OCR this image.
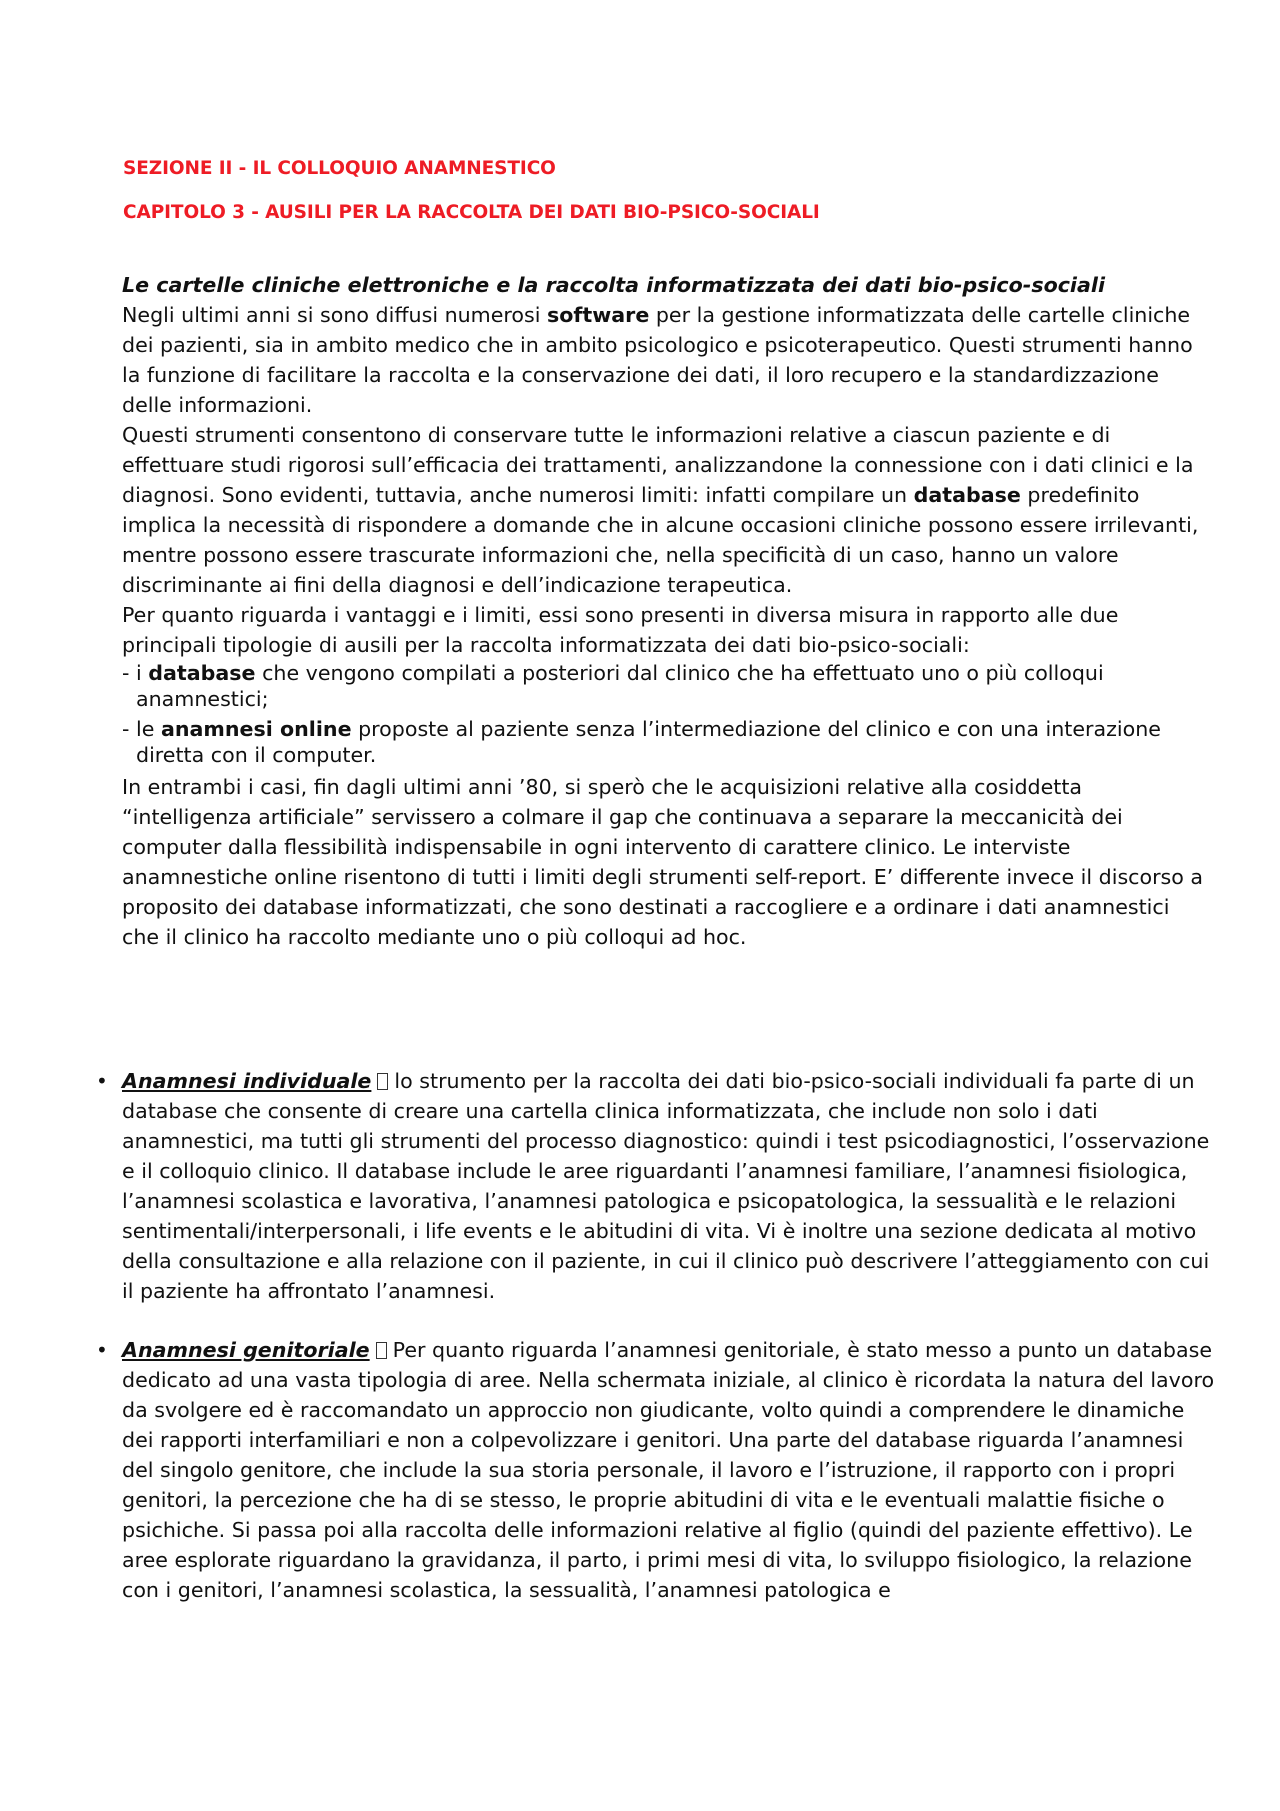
SEZIONE II - IL COLLOQUIO ANAMNESTICO
CAPITOLO 3 - AUSILI PER LA RACCOLTA DEI DATI BIO-PSICO-SOCIALI

Le cartelle cliniche elettroniche e la raccolta informatizzata dei dati bio-psico-sociali

Negli ultimi anni si sono diffusi numerosi software per la gestione informatizzata delle cartelle cliniche dei pazienti, sia in ambito medico che in ambito psicologico e psicoterapeutico. Questi strumenti hanno la funzione di facilitare la raccolta e la conservazione dei dati, il loro recupero e la standardizzazione delle informazioni.

Questi strumenti consentono di conservare tutte le informazioni relative a ciascun paziente e di effettuare studi rigorosi sull’efficacia dei trattamenti, analizzandone la connessione con i dati clinici e la diagnosi. Sono evidenti, tuttavia, anche numerosi limiti: infatti compilare un database predefinito implica la necessità di rispondere a domande che in alcune occasioni cliniche possono essere irrilevanti, mentre possono essere trascurate informazioni che, nella specificità di un caso, hanno un valore discriminante ai fini della diagnosi e dell’indicazione terapeutica.

Per quanto riguarda i vantaggi e i limiti, essi sono presenti in diversa misura in rapporto alle due principali tipologie di ausili per la raccolta informatizzata dei dati bio-psico-sociali:

- i database che vengono compilati a posteriori dal clinico che ha effettuato uno o più colloqui anamnestici;
- le anamnesi online proposte al paziente senza l’intermediazione del clinico e con una interazione diretta con il computer.

In entrambi i casi, fin dagli ultimi anni ’80, si sperò che le acquisizioni relative alla cosiddetta “intelligenza artificiale” servissero a colmare il gap che continuava a separare la meccanicità dei computer dalla flessibilità indispensabile in ogni intervento di carattere clinico. Le interviste anamnestiche online risentono di tutti i limiti degli strumenti self-report. E’ differente invece il discorso a proposito dei database informatizzati, che sono destinati a raccogliere e a ordinare i dati anamnestici che il clinico ha raccolto mediante uno o più colloqui ad hoc.

• Anamnesi individuale lo strumento per la raccolta dei dati bio-psico-sociali individuali fa parte di un database che consente di creare una cartella clinica informatizzata, che include non solo i dati anamnestici, ma tutti gli strumenti del processo diagnostico: quindi i test psicodiagnostici, l’osservazione e il colloquio clinico. Il database include le aree riguardanti l’anamnesi familiare, l’anamnesi fisiologica, l’anamnesi scolastica e lavorativa, l’anamnesi patologica e psicopatologica, la sessualità e le relazioni sentimentali/interpersonali, i life events e le abitudini di vita. Vi è inoltre una sezione dedicata al motivo della consultazione e alla relazione con il paziente, in cui il clinico può descrivere l’atteggiamento con cui il paziente ha affrontato l’anamnesi.
• Anamnesi genitoriale Per quanto riguarda l’anamnesi genitoriale, è stato messo a punto un database dedicato ad una vasta tipologia di aree. Nella schermata iniziale, al clinico è ricordata la natura del lavoro da svolgere ed è raccomandato un approccio non giudicante, volto quindi a comprendere le dinamiche dei rapporti interfamiliari e non a colpevolizzare i genitori. Una parte del database riguarda l’anamnesi del singolo genitore, che include la sua storia personale, il lavoro e l’istruzione, il rapporto con i propri genitori, la percezione che ha di se stesso, le proprie abitudini di vita e le eventuali malattie fisiche o psichiche. Si passa poi alla raccolta delle informazioni relative al figlio (quindi del paziente effettivo). Le aree esplorate riguardano la gravidanza, il parto, i primi mesi di vita, lo sviluppo fisiologico, la relazione con i genitori, l’anamnesi scolastica, la sessualità, l’anamnesi patologica e
